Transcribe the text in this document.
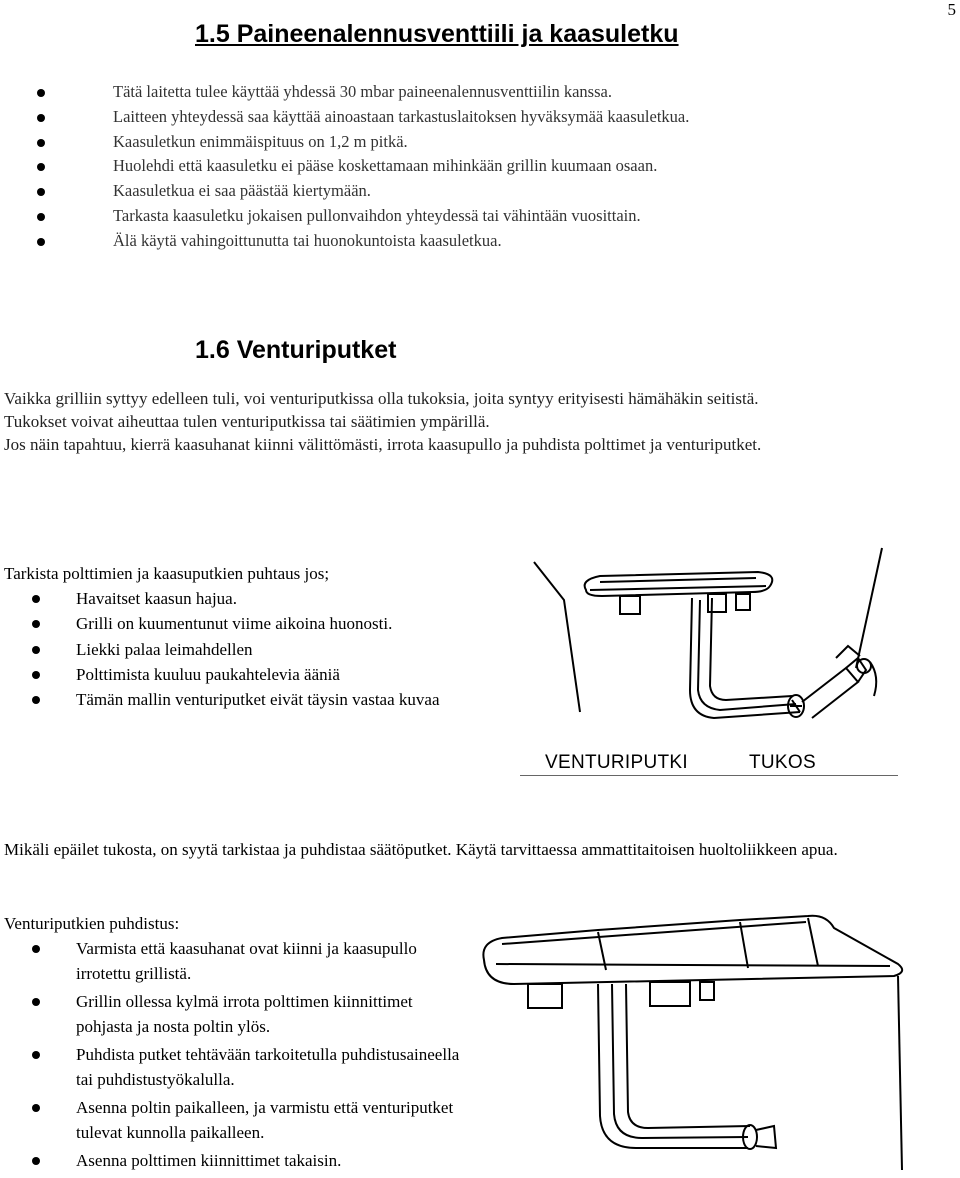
5
1.5 Paineenalennusventtiili ja kaasuletku
Tätä laitetta tulee käyttää yhdessä 30 mbar paineenalennusventtiilin kanssa.
Laitteen yhteydessä saa käyttää ainoastaan tarkastuslaitoksen hyväksymää kaasuletkua.
Kaasuletkun enimmäispituus on 1,2 m pitkä.
Huolehdi että kaasuletku ei pääse koskettamaan mihinkään grillin kuumaan osaan.
Kaasuletkua ei saa päästää kiertymään.
Tarkasta kaasuletku jokaisen pullonvaihdon yhteydessä tai vähintään vuosittain.
Älä käytä vahingoittunutta tai huonokuntoista kaasuletkua.
1.6 Venturiputket
Vaikka grilliin syttyy edelleen tuli, voi venturiputkissa olla tukoksia, joita syntyy erityisesti hämähäkin seitistä.
Tukokset voivat aiheuttaa tulen venturiputkissa tai säätimien ympärillä.
Jos näin tapahtuu, kierrä kaasuhanat kiinni välittömästi, irrota kaasupullo ja puhdista polttimet ja venturiputket.
Tarkista polttimien ja kaasuputkien puhtaus jos;
Havaitset kaasun hajua.
Grilli on kuumentunut viime aikoina huonosti.
Liekki palaa leimahdellen
Polttimista kuuluu paukahtelevia ääniä
Tämän mallin venturiputket eivät täysin vastaa kuvaa
VENTURIPUTKI	TUKOS
Mikäli epäilet tukosta, on syytä tarkistaa ja puhdistaa säätöputket. Käytä tarvittaessa ammattitaitoisen huoltoliikkeen apua.
Venturiputkien puhdistus:
Varmista että kaasuhanat ovat kiinni ja kaasupullo irrotettu grillistä.
Grillin ollessa kylmä irrota polttimen kiinnittimet pohjasta ja nosta poltin ylös.
Puhdista putket tehtävään tarkoitetulla puhdistusaineella tai puhdistustyökalulla.
Asenna poltin paikalleen, ja varmistu että venturiputket tulevat kunnolla paikalleen.
Asenna polttimen kiinnittimet takaisin.
